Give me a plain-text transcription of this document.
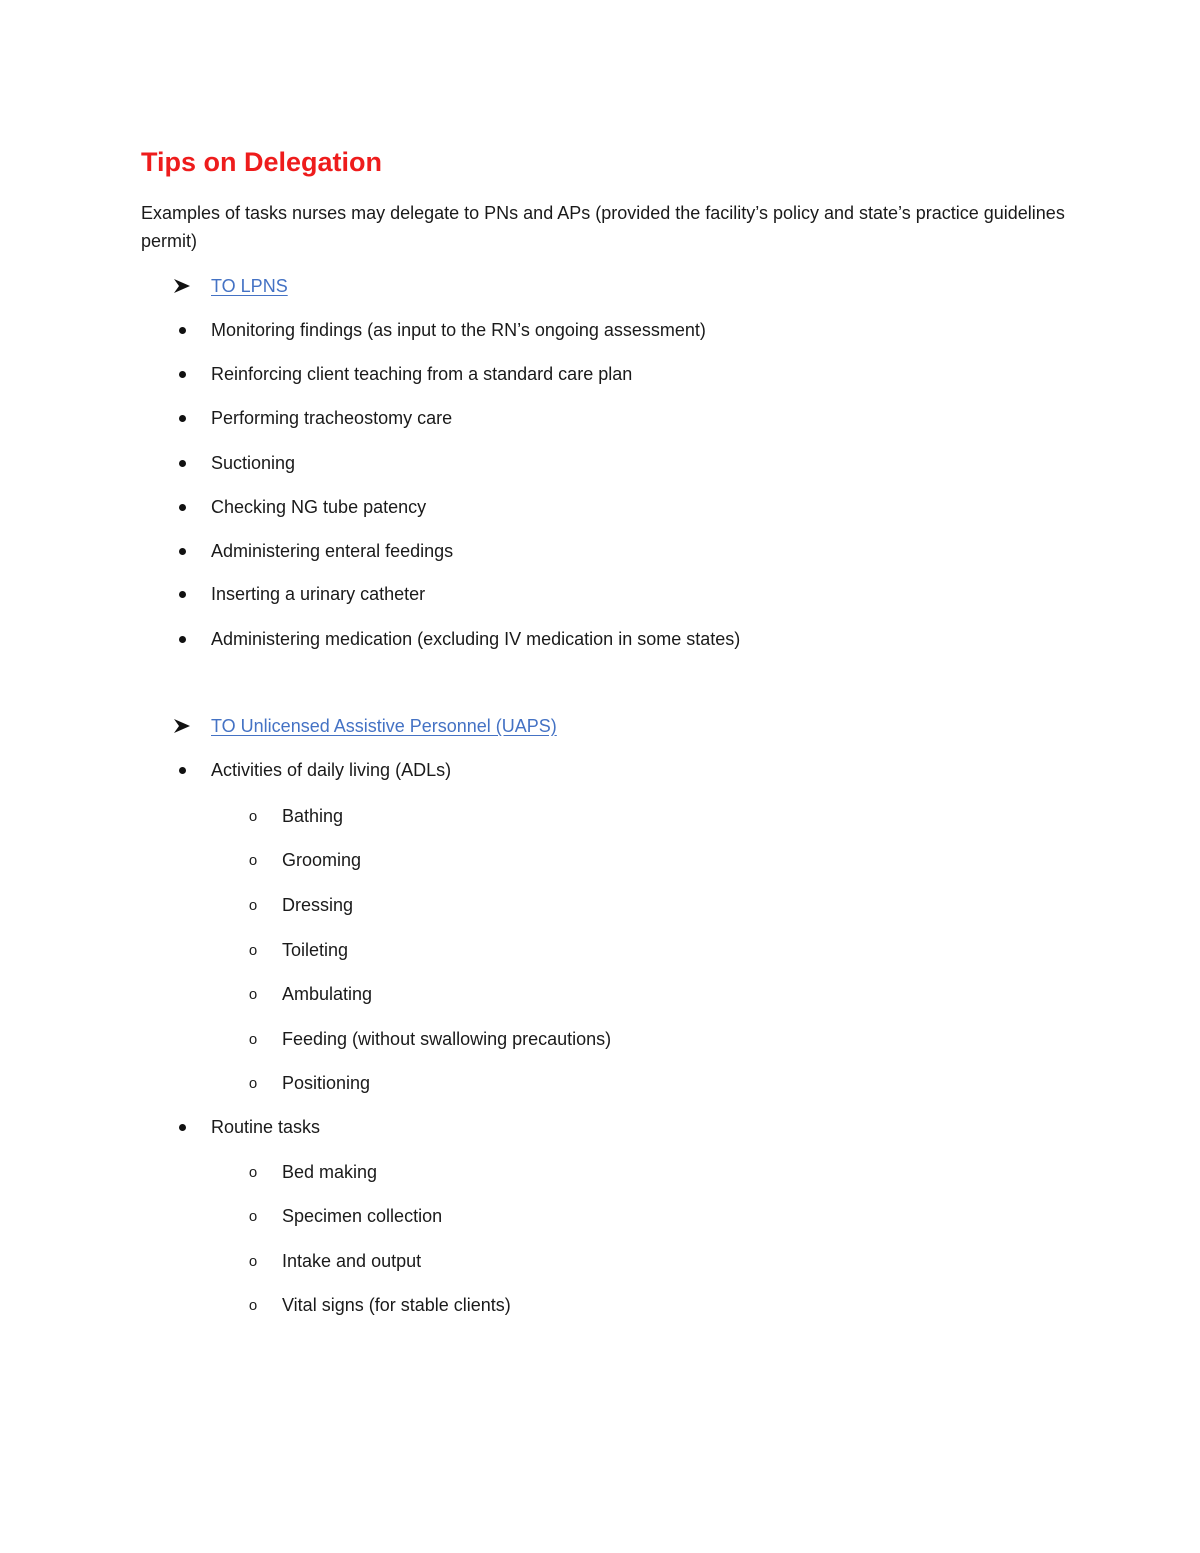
Tips on Delegation

Examples of tasks nurses may delegate to PNs and APs (provided the facility’s policy and state’s practice guidelines permit)

TO LPNS
Monitoring findings (as input to the RN’s ongoing assessment)
Reinforcing client teaching from a standard care plan
Performing tracheostomy care
Suctioning
Checking NG tube patency
Administering enteral feedings
Inserting a urinary catheter
Administering medication (excluding IV medication in some states)
TO Unlicensed Assistive Personnel (UAPS)
Activities of daily living (ADLs)
o Bathing
o Grooming
o Dressing
o Toileting
o Ambulating
o Feeding (without swallowing precautions)
o Positioning
Routine tasks
o Bed making
o Specimen collection
o Intake and output
o Vital signs (for stable clients)
